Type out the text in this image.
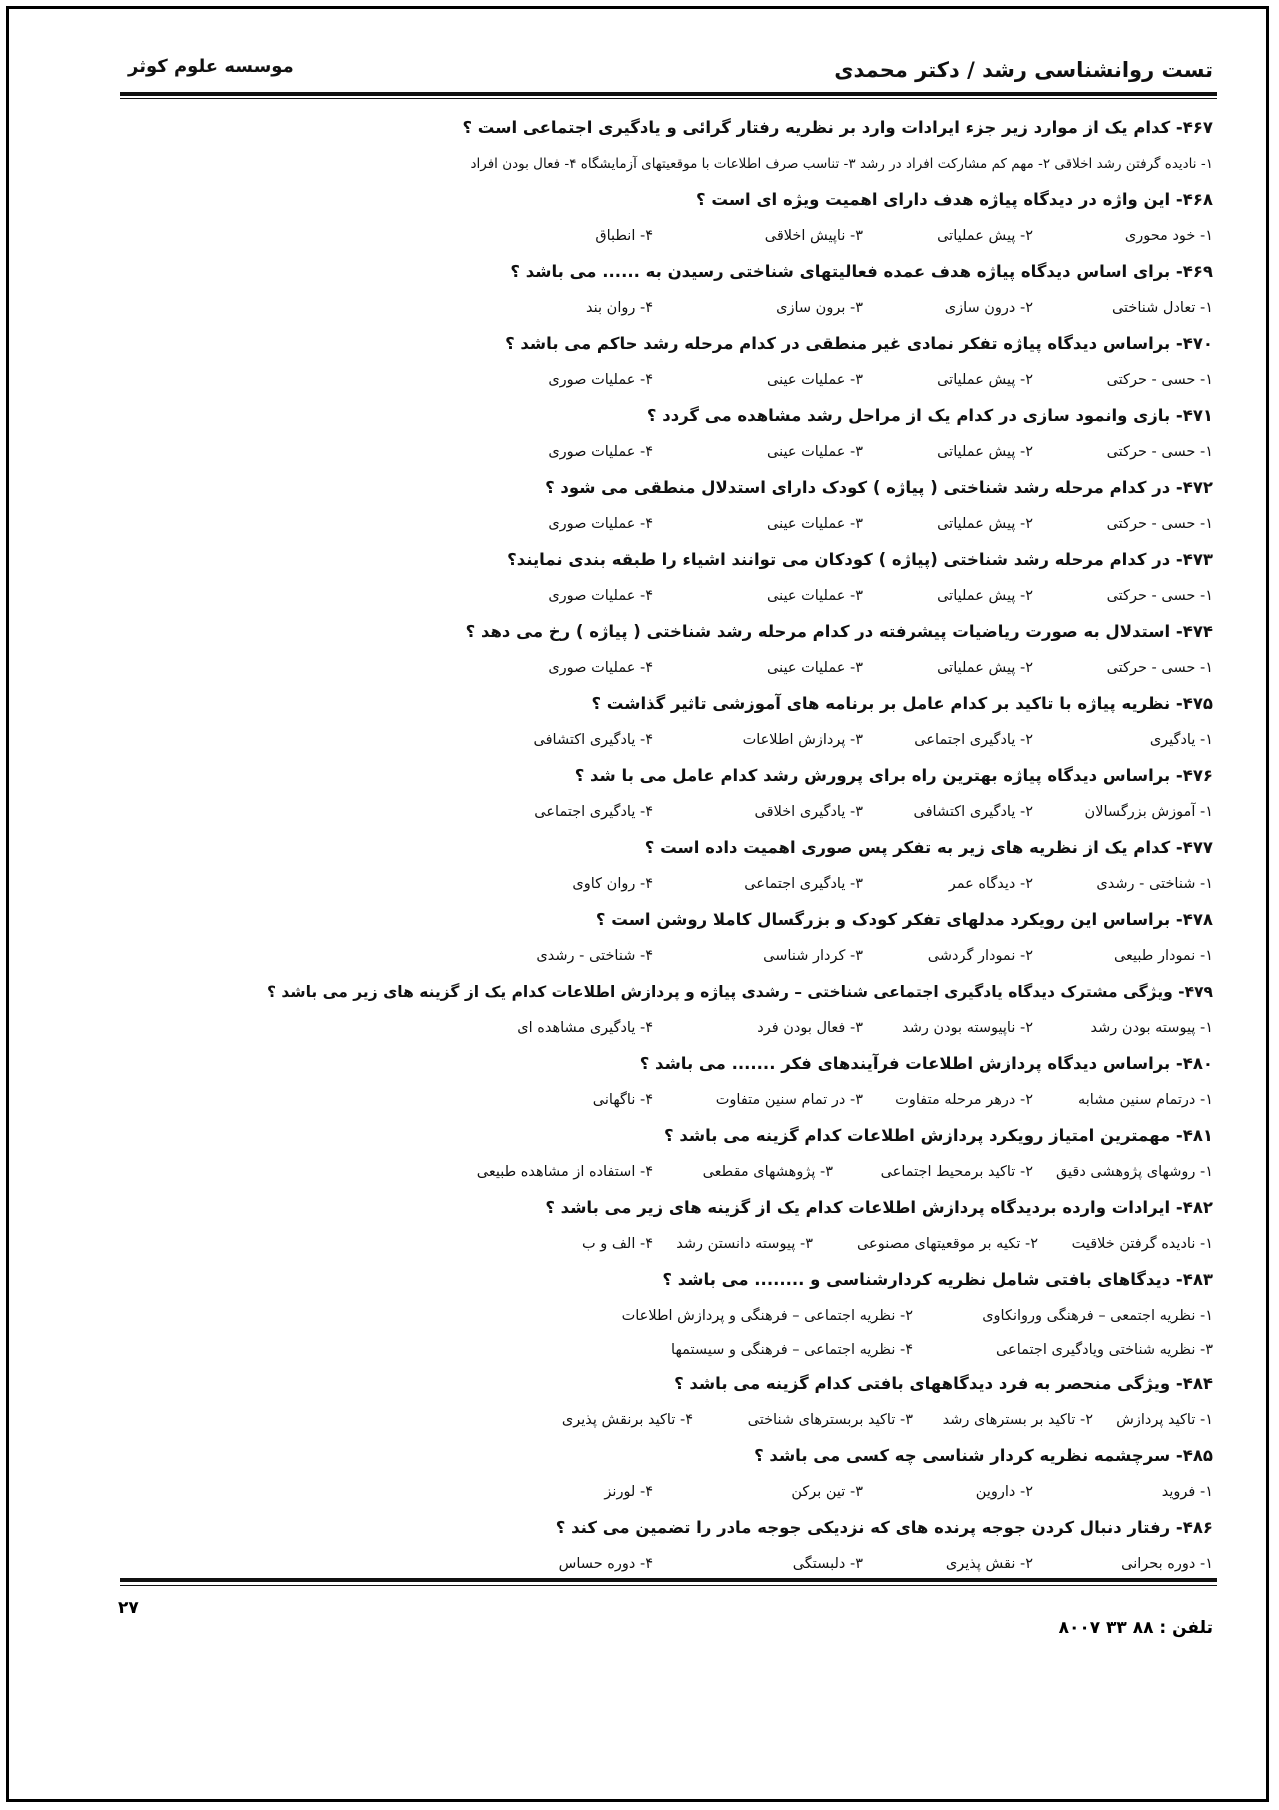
تست روانشناسی رشد / دکتر محمدی
موسسه علوم کوثر
۴۶۷- کدام یک از موارد زیر جزء ایرادات وارد بر نظریه رفتار گرائی و یادگیری اجتماعی است ؟
۱- نادیده گرفتن رشد اخلاقی ۲- مهم کم مشارکت افراد در رشد ۳- تناسب صرف اطلاعات با موقعیتهای آزمایشگاه ۴- فعال بودن افراد
۴۶۸- این واژه در دیدگاه پیاژه هدف دارای اهمیت ویژه ای است ؟
۱- خود محوری
۲- پیش عملیاتی
۳- ناپیش اخلاقی
۴- انطباق
۴۶۹- برای اساس دیدگاه پیاژه هدف عمده فعالیتهای شناختی رسیدن به ...... می باشد ؟
۱- تعادل شناختی
۲- درون سازی
۳- برون سازی
۴- روان بند
۴۷۰- براساس دیدگاه پیاژه تفکر نمادی غیر منطقی در کدام مرحله رشد حاکم می باشد ؟
۱- حسی - حرکتی
۲- پیش عملیاتی
۳- عملیات عینی
۴- عملیات صوری
۴۷۱- بازی وانمود سازی در کدام یک از مراحل رشد مشاهده می گردد ؟
۱- حسی - حرکتی
۲- پیش عملیاتی
۳- عملیات عینی
۴- عملیات صوری
۴۷۲- در کدام مرحله رشد شناختی ( پیاژه ) کودک دارای استدلال منطقی می شود ؟
۱- حسی - حرکتی
۲- پیش عملیاتی
۳- عملیات عینی
۴- عملیات صوری
۴۷۳- در کدام مرحله رشد شناختی (پیاژه ) کودکان می توانند اشیاء را طبقه بندی نمایند؟
۱- حسی - حرکتی
۲- پیش عملیاتی
۳- عملیات عینی
۴- عملیات صوری
۴۷۴- استدلال به صورت ریاضیات پیشرفته در کدام مرحله رشد شناختی ( پیاژه ) رخ می دهد ؟
۱- حسی - حرکتی
۲- پیش عملیاتی
۳- عملیات عینی
۴- عملیات صوری
۴۷۵- نظریه پیاژه با تاکید بر کدام عامل بر برنامه های آموزشی تاثیر گذاشت ؟
۱- یادگیری
۲- یادگیری اجتماعی
۳- پردازش اطلاعات
۴- یادگیری اکتشافی
۴۷۶- براساس دیدگاه پیاژه بهترین راه برای پرورش رشد کدام عامل می با شد ؟
۱- آموزش بزرگسالان
۲- یادگیری اکتشافی
۳- یادگیری اخلاقی
۴- یادگیری اجتماعی
۴۷۷- کدام یک از نظریه های زیر به تفکر پس صوری اهمیت داده است ؟
۱- شناختی - رشدی
۲- دیدگاه عمر
۳- یادگیری اجتماعی
۴- روان کاوی
۴۷۸- براساس این رویکرد مدلهای تفکر کودک و بزرگسال کاملا روشن است ؟
۱- نمودار طبیعی
۲- نمودار گردشی
۳- کردار شناسی
۴- شناختی - رشدی
۴۷۹- ویژگی مشترک دیدگاه یادگیری اجتماعی شناختی – رشدی پیاژه و پردازش اطلاعات کدام یک از گزینه های زیر می باشد ؟
۱- پیوسته بودن رشد
۲- ناپیوسته بودن رشد
۳- فعال بودن فرد
۴- یادگیری مشاهده ای
۴۸۰- براساس دیدگاه پردازش اطلاعات فرآیندهای فکر ....... می باشد ؟
۱- درتمام سنین مشابه
۲- درهر مرحله متفاوت
۳- در تمام سنین متفاوت
۴- ناگهانی
۴۸۱- مهمترین امتیاز رویکرد پردازش اطلاعات کدام گزینه می باشد ؟
۱- روشهای پژوهشی دقیق
۲- تاکید برمحیط اجتماعی
۳- پژوهشهای مقطعی
۴- استفاده از مشاهده طبیعی
۴۸۲- ایرادات وارده بردیدگاه پردازش اطلاعات کدام یک از گزینه های زیر می باشد ؟
۱- نادیده گرفتن خلاقیت
۲- تکیه بر موقعیتهای مصنوعی
۳- پیوسته دانستن رشد
۴- الف و ب
۴۸۳- دیدگاهای بافتی شامل نظریه کردارشناسی و ........ می باشد ؟
۱- نظریه اجتمعی – فرهنگی وروانکاوی
۲- نظریه اجتماعی – فرهنگی و پردازش اطلاعات
۳- نظریه شناختی ویادگیری اجتماعی
۴- نظریه اجتماعی – فرهنگی و سیستمها
۴۸۴- ویژگی منحصر به فرد دیدگاههای بافتی کدام گزینه می باشد ؟
۱- تاکید پردازش
۲- تاکید بر بسترهای رشد
۳- تاکید بربسترهای شناختی
۴- تاکید برنقش پذیری
۴۸۵- سرچشمه نظریه کردار شناسی چه کسی می باشد ؟
۱- فروید
۲- داروین
۳- تین برکن
۴- لورنز
۴۸۶- رفتار دنبال کردن جوجه پرنده های که نزدیکی جوجه مادر را تضمین می کند ؟
۱- دوره بحرانی
۲- نقش پذیری
۳- دلبستگی
۴- دوره حساس
۲۷
تلفن : ۸۸ ۳۳ ۸۰۰۷
